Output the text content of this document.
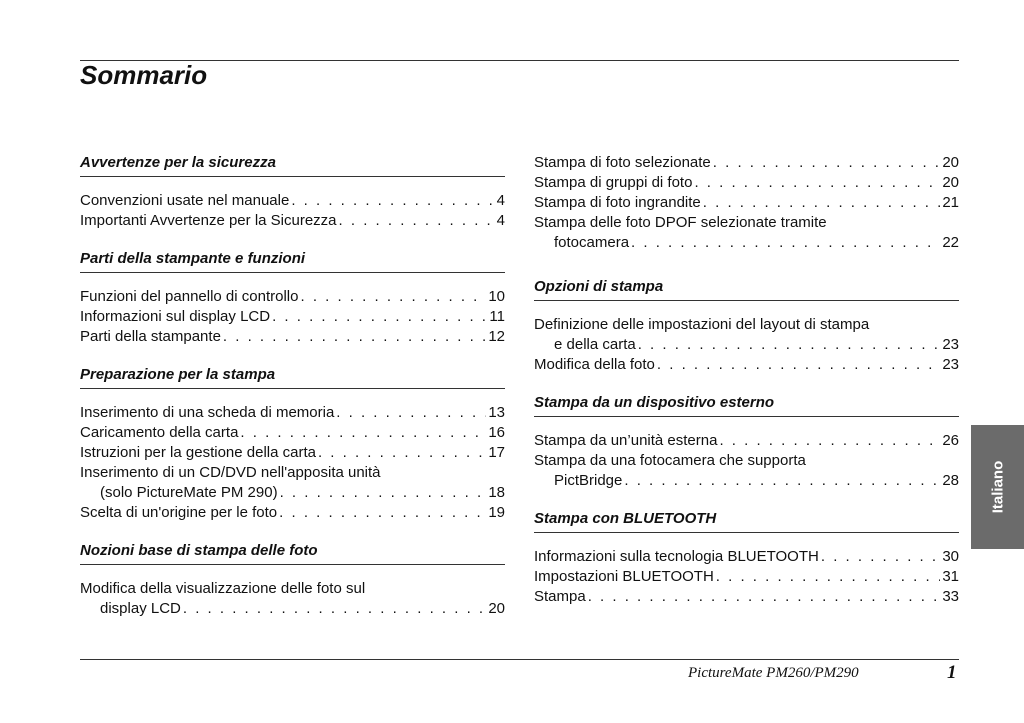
Sommario
Avvertenze per la sicurezza
Convenzioni usate nel manuale . . .	4
Importanti Avvertenze per la Sicurezza . . .	4
Parti della stampante e funzioni
Funzioni del pannello di controllo . . .	10
Informazioni sul display LCD . . .	11
Parti della stampante . . .	12
Preparazione per la stampa
Inserimento di una scheda di memoria . . .	13
Caricamento della carta . . .	16
Istruzioni per la gestione della carta . . .	17
Inserimento di un CD/DVD nell'apposita unità
(solo PictureMate PM 290) . . .	18
Scelta di un'origine per le foto . . .	19
Nozioni base di stampa delle foto
Modifica della visualizzazione delle foto sul
display LCD . . .	20
Stampa di foto selezionate . . .	20
Stampa di gruppi di foto . . .	20
Stampa di foto ingrandite . . .	21
Stampa delle foto DPOF selezionate tramite
fotocamera . . .	22
Opzioni di stampa
Definizione delle impostazioni del layout di stampa
e della carta . . .	23
Modifica della foto . . .	23
Stampa da un dispositivo esterno
Stampa da un’unità esterna . . .	26
Stampa da una fotocamera che supporta
PictBridge . . .	28
Stampa con BLUETOOTH
Informazioni sulla tecnologia BLUETOOTH . . .	30
Impostazioni BLUETOOTH . . .	31
Stampa . . .	33
Italiano
PictureMate PM260/PM290	1
